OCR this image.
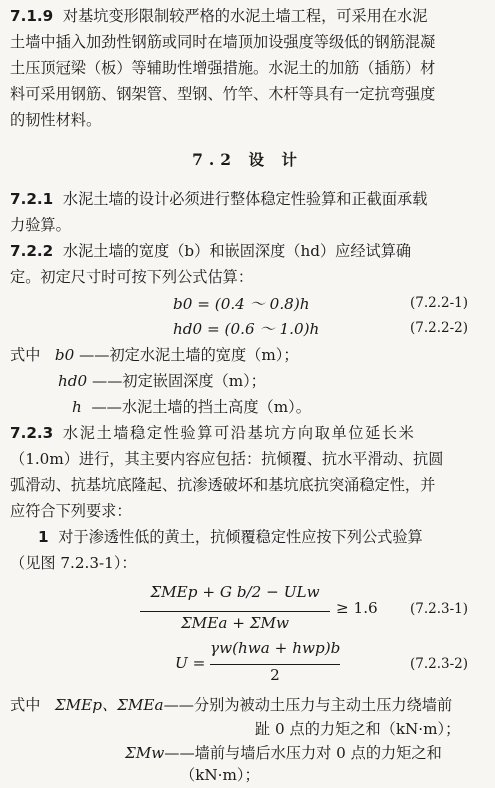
7.1.9 对基坑变形限制较严格的水泥土墙工程，可采用在水泥
土墙中插入加劲性钢筋或同时在墙顶加设强度等级低的钢筋混凝
土压顶冠梁（板）等辅助性增强措施。水泥土的加筋（插筋）材
料可采用钢筋、钢架管、型钢、竹竿、木杆等具有一定抗弯强度
的韧性材料。
7.2 设 计
7.2.1 水泥土墙的设计必须进行整体稳定性验算和正截面承载
力验算。
7.2.2 水泥土墙的宽度（b）和嵌固深度（hd）应经试算确
定。初定尺寸时可按下列公式估算：
b0 = (0.4 ～ 0.8)h	(7.2.2-1)
hd0 = (0.6 ～ 1.0)h	(7.2.2-2)
式中 b0 ——初定水泥土墙的宽度（m）；
hd0 ——初定嵌固深度（m）；
h ——水泥土墙的挡土高度（m）。
7.2.3 水泥土墙稳定性验算可沿基坑方向取单位延长米
（1.0m）进行，其主要内容应包括：抗倾覆、抗水平滑动、抗圆
弧滑动、抗基坑底隆起、抗渗透破坏和基坑底抗突涌稳定性，并
应符合下列要求：
1 对于渗透性低的黄土，抗倾覆稳定性应按下列公式验算
（见图 7.2.3-1）：
ΣMEp + G b/2 − ULw
ΣMEa + ΣMw
≥ 1.6 (7.2.3-1)
U =
γw(hwa + hwp)b
2
(7.2.3-2)
式中 ΣMEp、ΣMEa——分别为被动土压力与主动土压力绕墙前
趾 0 点的力矩之和（kN·m）；
ΣMw——墙前与墙后水压力对 0 点的力矩之和
（kN·m）；
